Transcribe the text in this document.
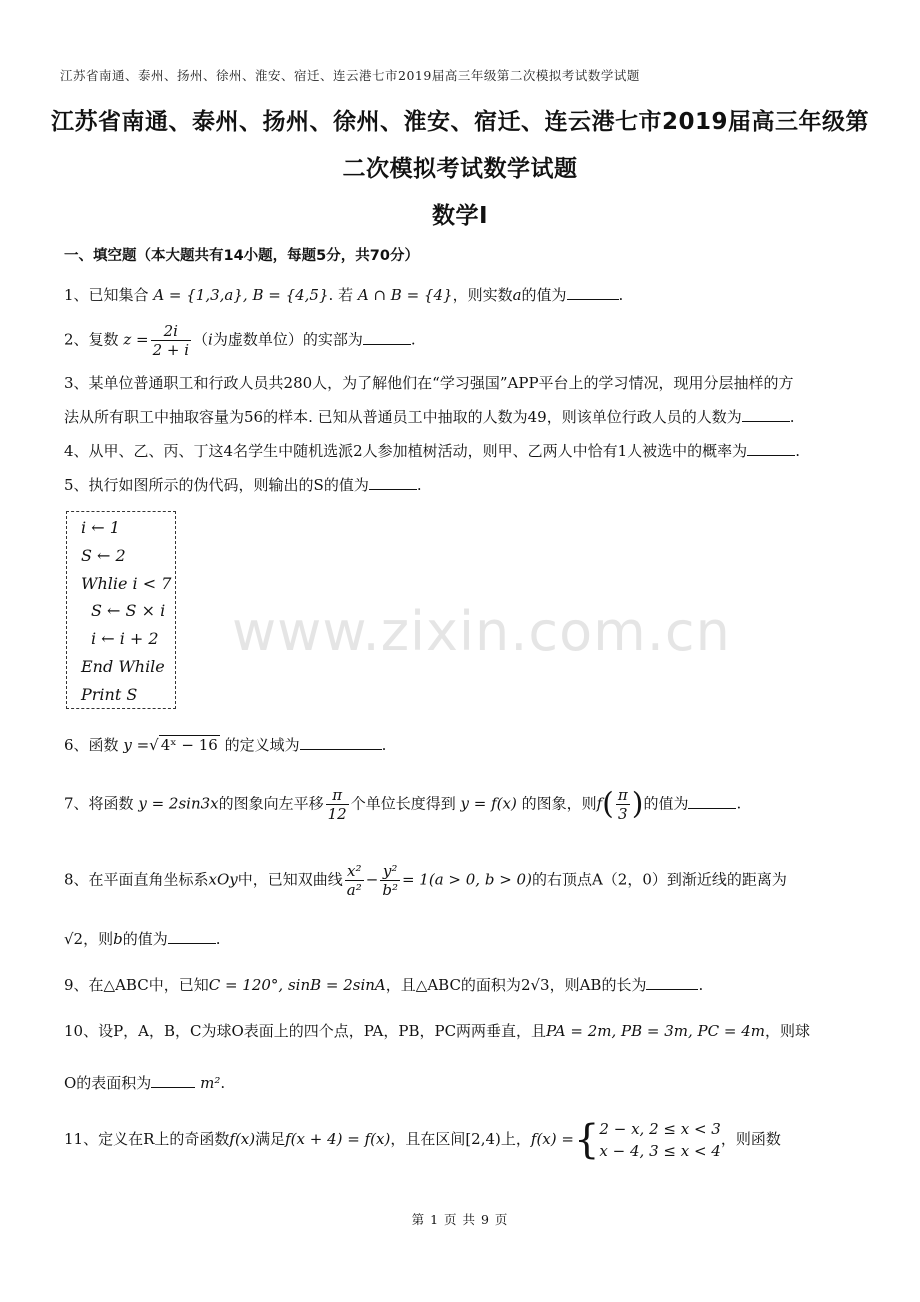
江苏省南通、泰州、扬州、徐州、淮安、宿迁、连云港七市2019届高三年级第二次模拟考试数学试题
江苏省南通、泰州、扬州、徐州、淮安、宿迁、连云港七市2019届高三年级第
二次模拟考试数学试题
数学I
一、填空题（本大题共有14小题，每题5分，共70分）
1、已知集合 A = {1,3,a}, B = {4,5}. 若 A ∩ B = {4}，则实数a的值为	.
2、复数 $z = \frac{2i}{2 + i} (i$为虚数单位）的实部为	.
3、某单位普通职工和行政人员共280人，为了解他们在“学习强国”APP平台上的学习情况，现用分层抽样的方
法从所有职工中抽取容量为56的样本. 已知从普通员工中抽取的人数为49，则该单位行政人员的人数为	.
4、从甲、乙、丙、丁这4名学生中随机选派2人参加植树活动，则甲、乙两人中恰有1人被选中的概率为	.
5、执行如图所示的伪代码，则输出的S的值为	.
i ← 1
S ← 2
Whlie i < 7
S ← S × i
i ← i + 2
End While
Print S
www.zixin.com.cn
6、函数 y =√ 4ˣ − 16 的定义域为	.
7、将函数 y = 2sin3x的图象向左平移 $\frac{\pi}{12}$ 个单位长度得到 y = f(x) 的图象，则$f( \frac{\pi}{3}$ )的值为	.
8、在平面直角坐标系xOy中，已知双曲线 $\frac{\text{x²}}{\text{a²}} - \frac{\text{y²}}{\text{b²}} = 1(a > 0$, b > 0)的右顶点A（2，0）到渐近线的距离为
√2，则b的值为	.
9、在△ABC中，已知C = 120°, sinB = 2sinA，且△ABC的面积为2√3，则AB的长为	.
10、设P，A，B，C为球O表面上的四个点，PA，PB，PC两两垂直，且PA = 2m, PB = 3m, PC = 4m，则球
O的表面积为	m².
11、定义在R上的奇函数f(x)满足f(x + 4) = f(x)，且在区间[2,4)上，f(x) ={ 2 − x, 2 ≤ x < 3
x − 4, 3 ≤ x < 4
，则函数
第 1 页 共 9 页
